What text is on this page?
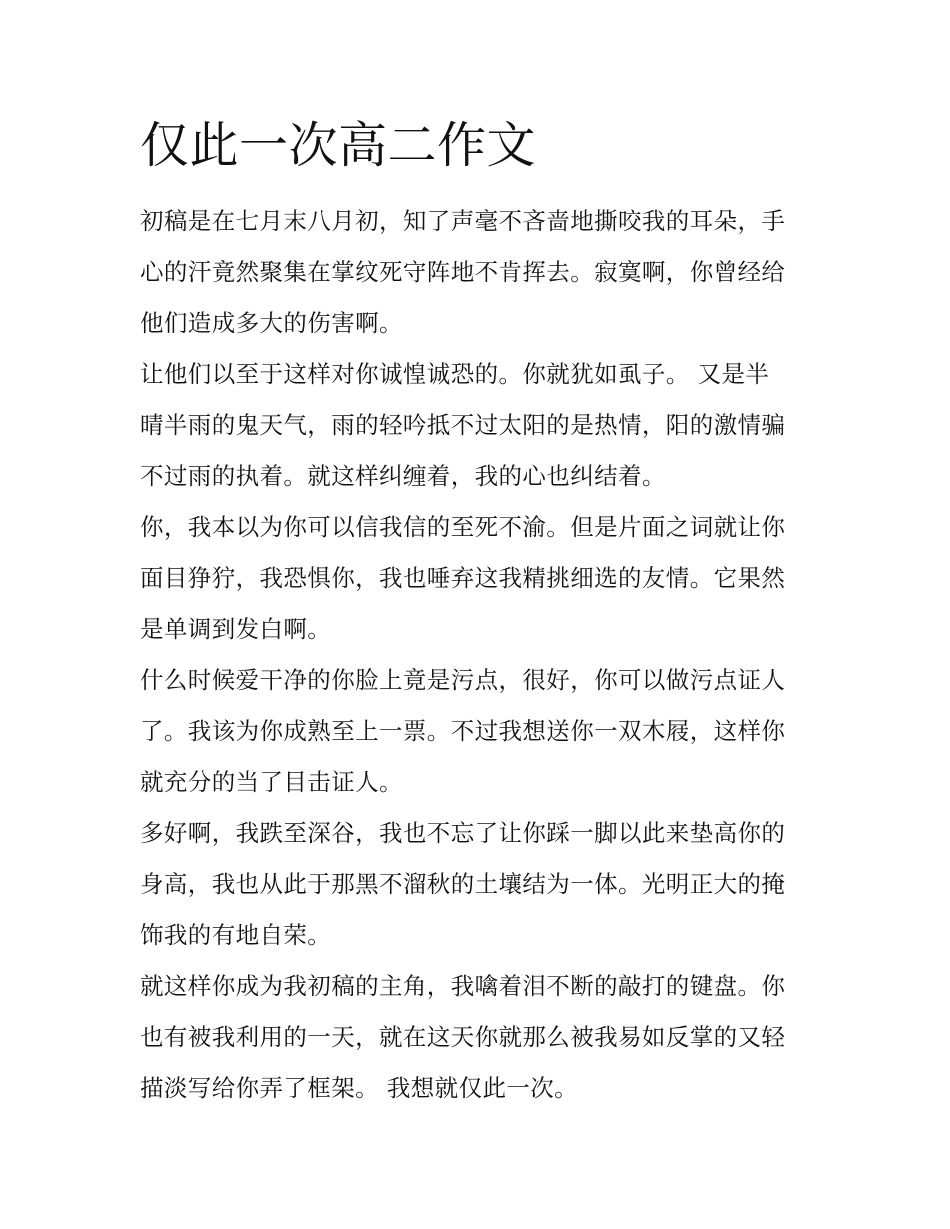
仅此一次高二作文

初稿是在七月末八月初，知了声毫不吝啬地撕咬我的耳朵，手
心的汗竟然聚集在掌纹死守阵地不肯挥去。寂寞啊，你曾经给
他们造成多大的伤害啊。

让他们以至于这样对你诚惶诚恐的。你就犹如虱子。 又是半
晴半雨的鬼天气，雨的轻吟抵不过太阳的是热情，阳的激情骗
不过雨的执着。就这样纠缠着，我的心也纠结着。

你，我本以为你可以信我信的至死不渝。但是片面之词就让你
面目狰狞，我恐惧你，我也唾弃这我精挑细选的友情。它果然
是单调到发白啊。

什么时候爱干净的你脸上竟是污点，很好，你可以做污点证人
了。我该为你成熟至上一票。不过我想送你一双木屐，这样你
就充分的当了目击证人。

多好啊，我跌至深谷，我也不忘了让你踩一脚以此来垫高你的
身高，我也从此于那黑不溜秋的土壤结为一体。光明正大的掩
饰我的有地自荣。

就这样你成为我初稿的主角，我噙着泪不断的敲打的键盘。你
也有被我利用的一天，就在这天你就那么被我易如反掌的又轻
描淡写给你弄了框架。 我想就仅此一次。
